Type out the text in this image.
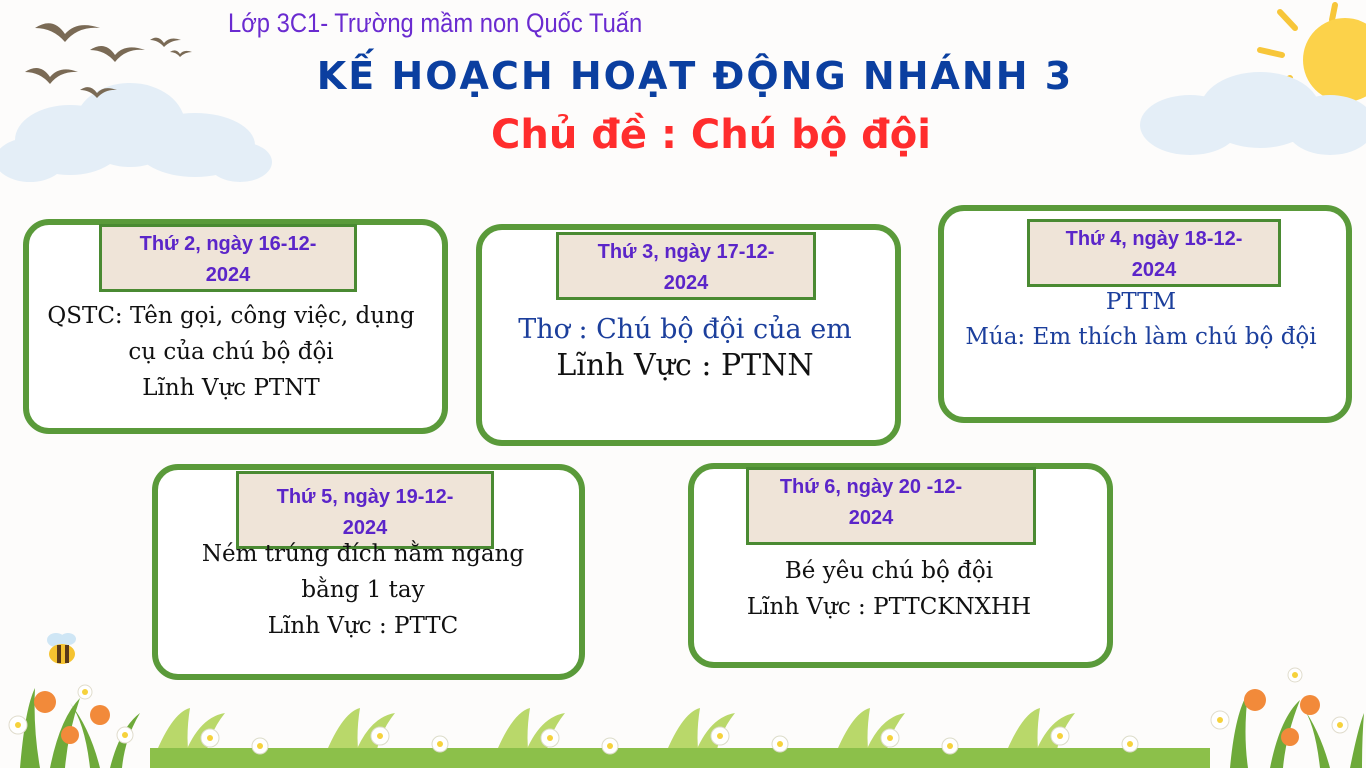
Lớp 3C1- Trường mầm non Quốc Tuấn
KẾ HOẠCH HOẠT ĐỘNG NHÁNH 3
Chủ đề : Chú bộ đội
Thứ 2, ngày 16-12-
2024
QSTC: Tên gọi, công việc, dụng
cụ của chú bộ đội
Lĩnh Vực PTNT
Thứ 3, ngày 17-12-
2024
Thơ : Chú bộ đội của em
Lĩnh Vực : PTNN
Thứ 4, ngày 18-12-
2024
PTTM
Múa: Em thích làm chú bộ đội
Thứ 5, ngày 19-12-
2024
Ném trúng đích nằm ngang
bằng 1 tay
Lĩnh Vực : PTTC
Thứ 6, ngày 20 -12-
2024
Bé yêu chú bộ đội
Lĩnh Vực : PTTCKNXHH
